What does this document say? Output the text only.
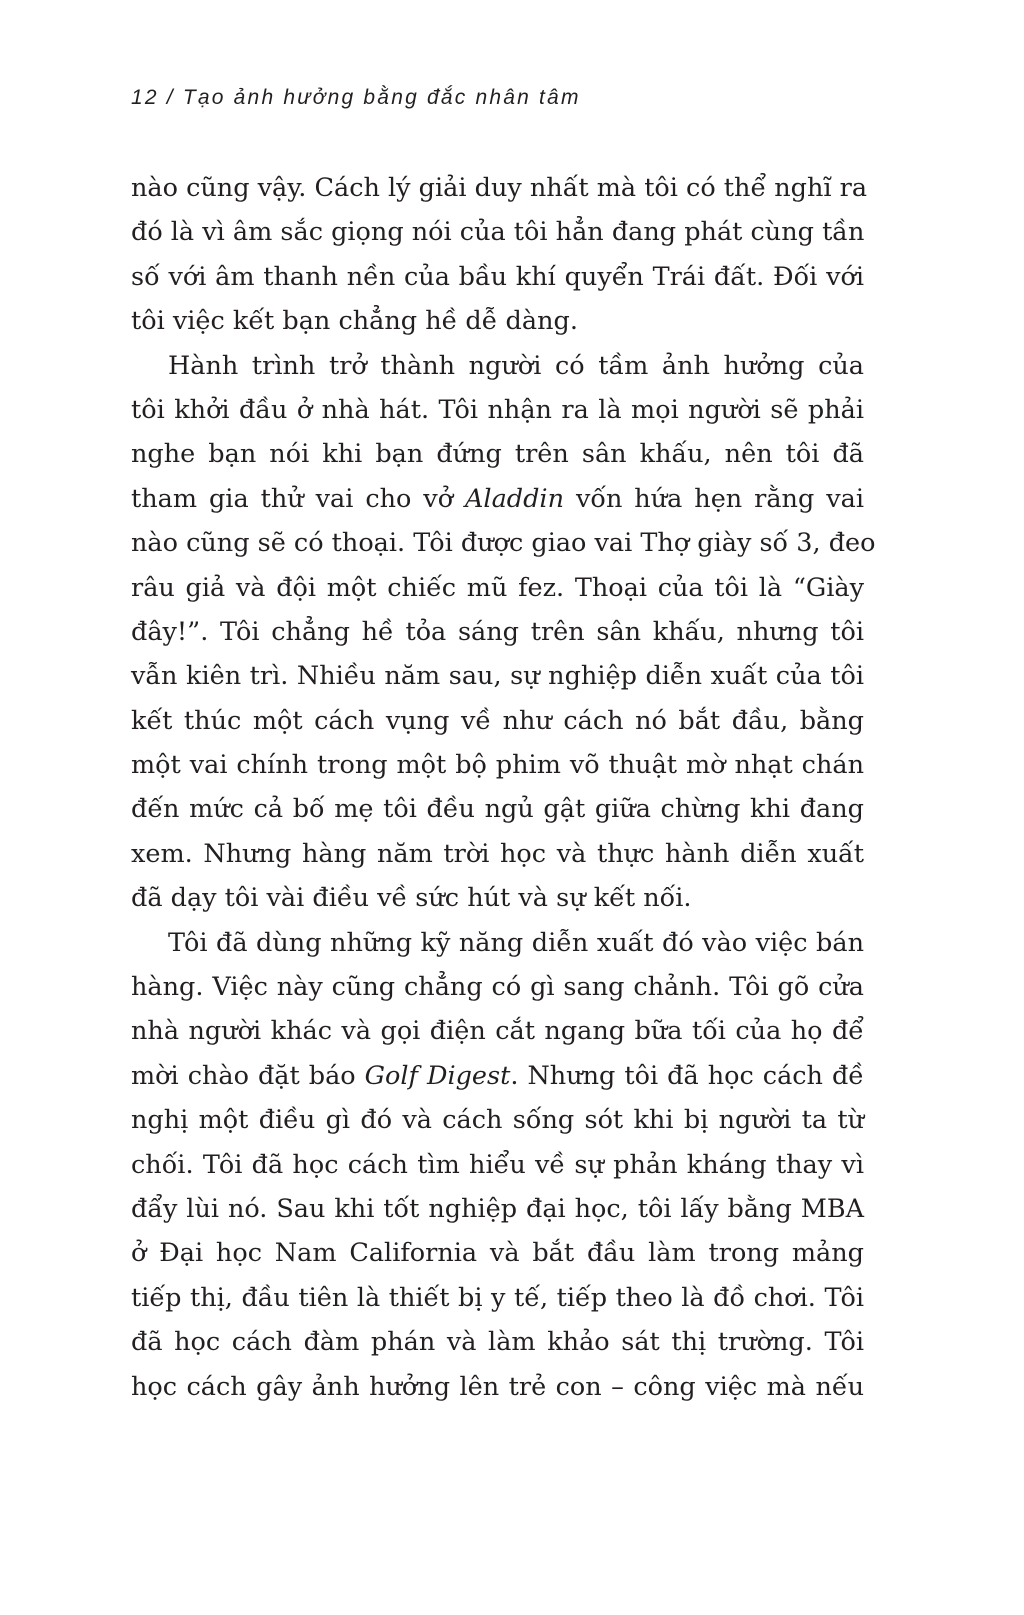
12 / Tạo ảnh hưởng bằng đắc nhân tâm
nào cũng vậy. Cách lý giải duy nhất mà tôi có thể nghĩ ra
đó là vì âm sắc giọng nói của tôi hẳn đang phát cùng tần
số với âm thanh nền của bầu khí quyển Trái đất. Đối với
tôi việc kết bạn chẳng hề dễ dàng.
Hành trình trở thành người có tầm ảnh hưởng của
tôi khởi đầu ở nhà hát. Tôi nhận ra là mọi người sẽ phải
nghe bạn nói khi bạn đứng trên sân khấu, nên tôi đã
tham gia thử vai cho vở Aladdin vốn hứa hẹn rằng vai
nào cũng sẽ có thoại. Tôi được giao vai Thợ giày số 3, đeo
râu giả và đội một chiếc mũ fez. Thoại của tôi là “Giày
đây!”. Tôi chẳng hề tỏa sáng trên sân khấu, nhưng tôi
vẫn kiên trì. Nhiều năm sau, sự nghiệp diễn xuất của tôi
kết thúc một cách vụng về như cách nó bắt đầu, bằng
một vai chính trong một bộ phim võ thuật mờ nhạt chán
đến mức cả bố mẹ tôi đều ngủ gật giữa chừng khi đang
xem. Nhưng hàng năm trời học và thực hành diễn xuất
đã dạy tôi vài điều về sức hút và sự kết nối.
Tôi đã dùng những kỹ năng diễn xuất đó vào việc bán
hàng. Việc này cũng chẳng có gì sang chảnh. Tôi gõ cửa
nhà người khác và gọi điện cắt ngang bữa tối của họ để
mời chào đặt báo Golf Digest. Nhưng tôi đã học cách đề
nghị một điều gì đó và cách sống sót khi bị người ta từ
chối. Tôi đã học cách tìm hiểu về sự phản kháng thay vì
đẩy lùi nó. Sau khi tốt nghiệp đại học, tôi lấy bằng MBA
ở Đại học Nam California và bắt đầu làm trong mảng
tiếp thị, đầu tiên là thiết bị y tế, tiếp theo là đồ chơi. Tôi
đã học cách đàm phán và làm khảo sát thị trường. Tôi
học cách gây ảnh hưởng lên trẻ con – công việc mà nếu
